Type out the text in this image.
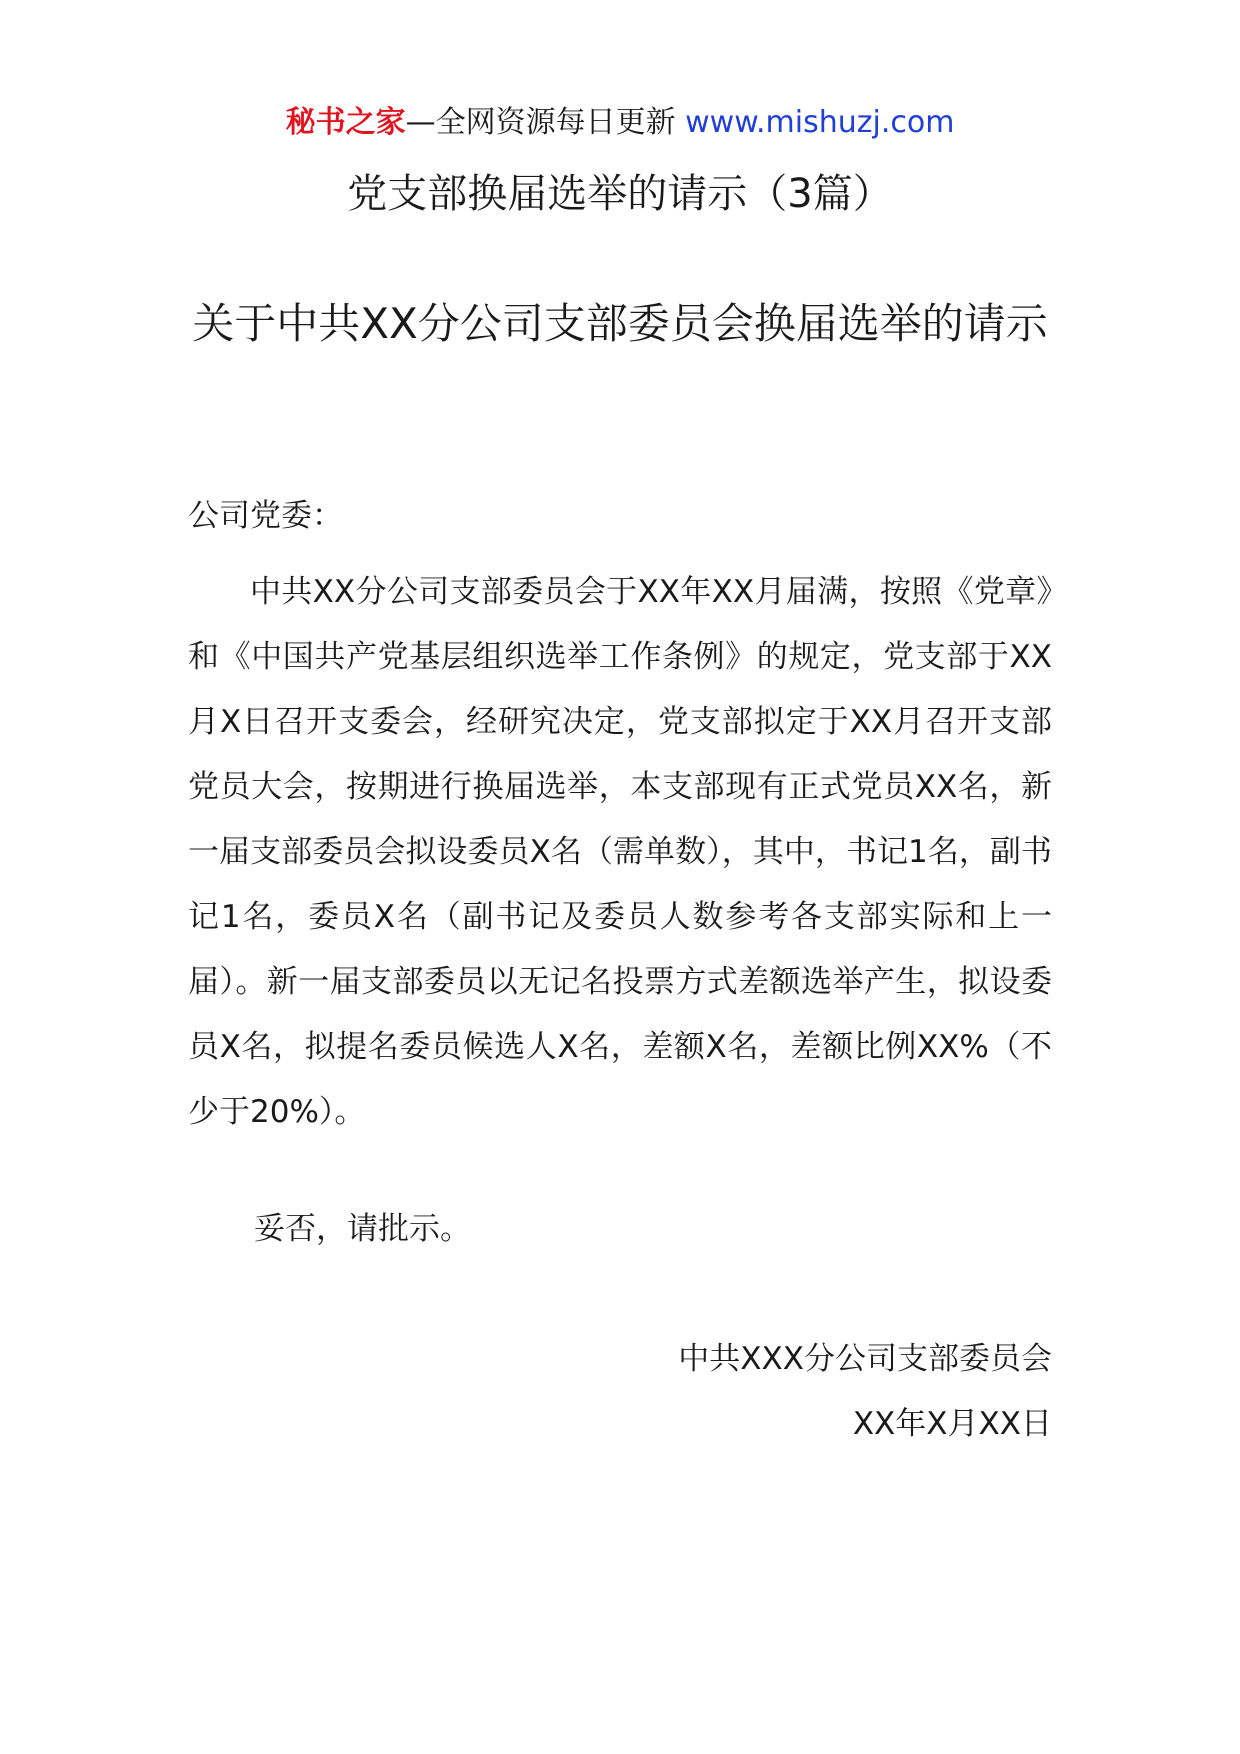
秘书之家—全网资源每日更新 www.mishuzj.com
党支部换届选举的请示（3篇）
关于中共XX分公司支部委员会换届选举的请示
公司党委：

中共XX分公司支部委员会于XX年XX月届满，按照《党章》和《中国共产党基层组织选举工作条例》的规定，党支部于XX月X日召开支委会，经研究决定，党支部拟定于XX月召开支部党员大会，按期进行换届选举，本支部现有正式党员XX名，新一届支部委员会拟设委员X名（需单数），其中，书记1名，副书记1名，委员X名（副书记及委员人数参考各支部实际和上一届）。新一届支部委员以无记名投票方式差额选举产生，拟设委员X名，拟提名委员候选人X名，差额X名，差额比例XX%（不少于20%）。

妥否，请批示。
中共XXX分公司支部委员会
XX年X月XX日
